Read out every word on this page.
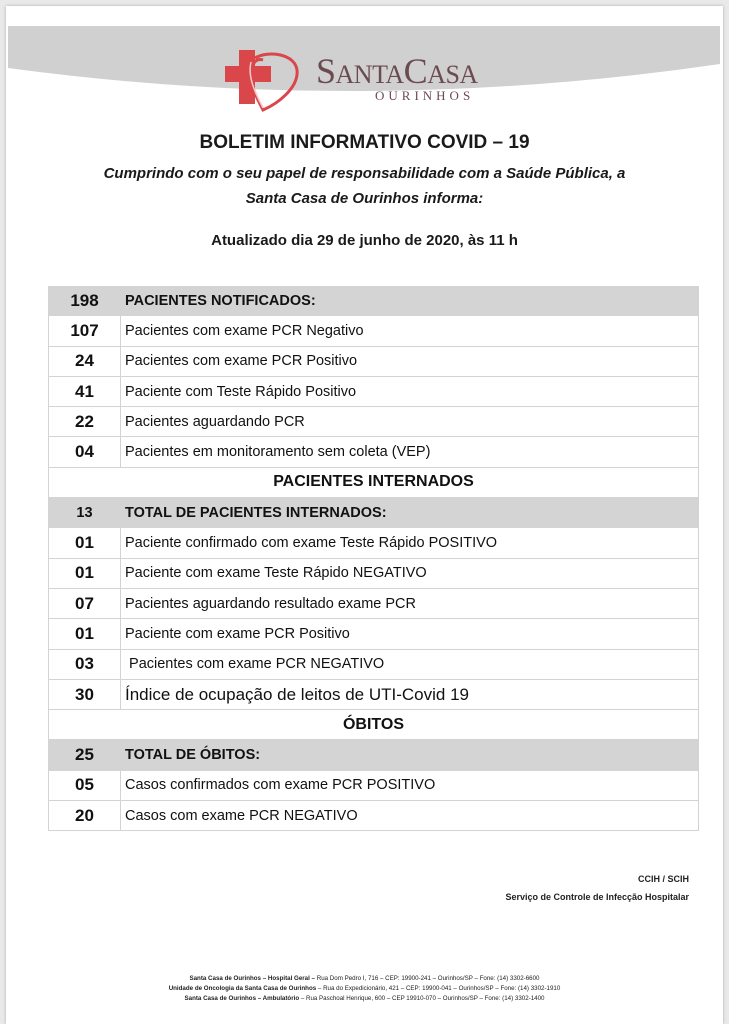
SANTACASA
OURINHOS
BOLETIM INFORMATIVO COVID – 19
Cumprindo com o seu papel de responsabilidade com a Saúde Pública, a
Santa Casa de Ourinhos informa:
Atualizado dia 29 de junho de 2020, às 11 h
198	PACIENTES NOTIFICADOS:
107	Pacientes com exame PCR Negativo
24	Pacientes com exame PCR Positivo
41	Paciente com Teste Rápido Positivo
22	Pacientes aguardando PCR
04	Pacientes em monitoramento sem coleta (VEP)
PACIENTES INTERNADOS	
13	TOTAL DE PACIENTES INTERNADOS:
01	Paciente confirmado com exame Teste Rápido POSITIVO
01	Paciente com exame Teste Rápido NEGATIVO
07	Pacientes aguardando resultado exame PCR
01	Paciente com exame PCR Positivo
03	Pacientes com exame PCR NEGATIVO
30	Índice de ocupação de leitos de UTI-Covid 19
ÓBITOS	
25	TOTAL DE ÓBITOS:
05	Casos confirmados com exame PCR POSITIVO
20	Casos com exame PCR NEGATIVO
CCIH / SCIH
Serviço de Controle de Infecção Hospitalar
Santa Casa de Ourinhos – Hospital Geral – Rua Dom Pedro I, 716 – CEP: 19900-241 – Ourinhos/SP – Fone: (14) 3302-6600
Unidade de Oncologia da Santa Casa de Ourinhos – Rua do Expedicionário, 421 – CEP: 19900-041 – Ourinhos/SP – Fone: (14) 3302-1910
Santa Casa de Ourinhos – Ambulatório – Rua Paschoal Henrique, 600 – CEP 19910-070 – Ourinhos/SP – Fone: (14) 3302-1400
